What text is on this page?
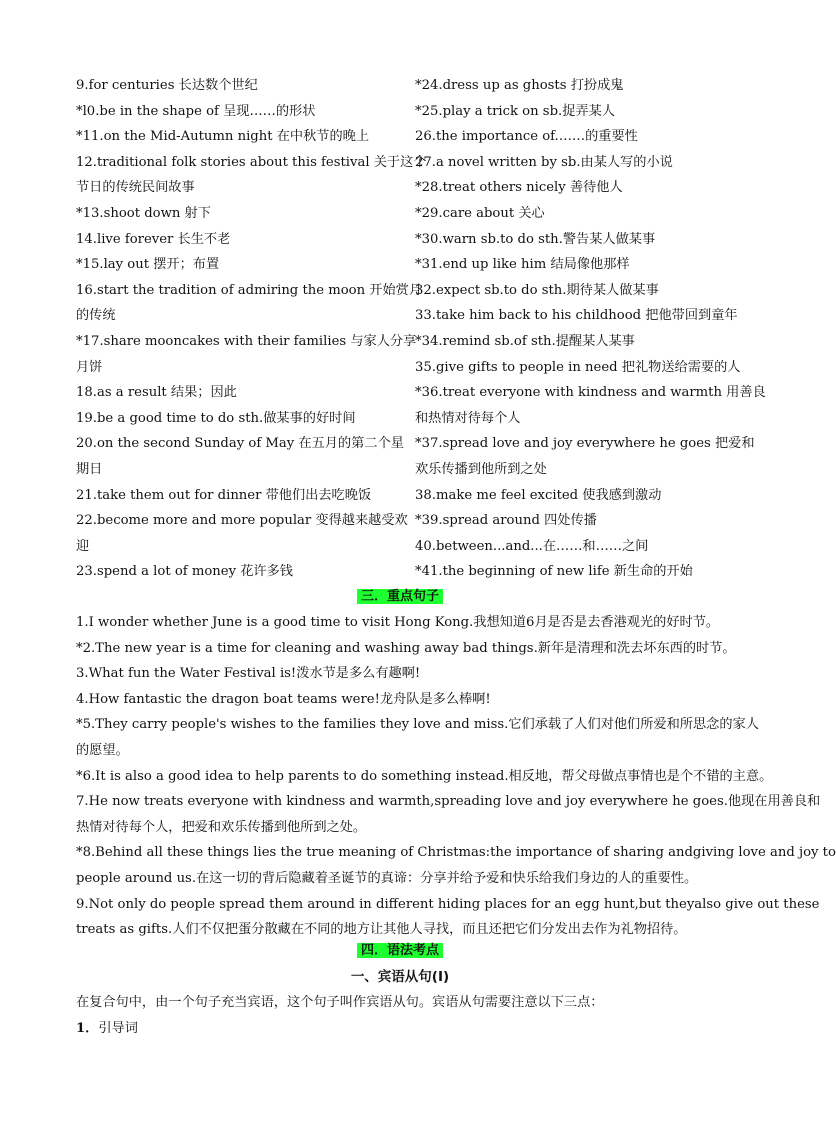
9.for centuries 长达数个世纪
*l0.be in the shape of 呈现……的形状
*11.on the Mid-Autumn night 在中秋节的晚上
12.traditional folk stories about this festival 关于这个
节日的传统民间故事
*13.shoot down 射下
14.live forever 长生不老
*15.lay out 摆开；布置
16.start the tradition of admiring the moon 开始赏月
的传统
*17.share mooncakes with their families 与家人分享
月饼
18.as a result 结果；因此
19.be a good time to do sth.做某事的好时间
20.on the second Sunday of May 在五月的第二个星
期日
21.take them out for dinner 带他们出去吃晚饭
22.become more and more popular 变得越来越受欢
迎
23.spend a lot of money 花许多钱
*24.dress up as ghosts 打扮成鬼
*25.play a trick on sb.捉弄某人
26.the importance of.……的重要性
27.a novel written by sb.由某人写的小说
*28.treat others nicely 善待他人
*29.care about 关心
*30.warn sb.to do sth.警告某人做某事
*31.end up like him 结局像他那样
32.expect sb.to do sth.期待某人做某事
33.take him back to his childhood 把他带回到童年
*34.remind sb.of sth.提醒某人某事
35.give gifts to people in need 把礼物送给需要的人
*36.treat everyone with kindness and warmth 用善良
和热情对待每个人
*37.spread love and joy everywhere he goes 把爱和
欢乐传播到他所到之处
38.make me feel excited 使我感到激动
*39.spread around 四处传播
40.between...and...在……和……之间
*41.the beginning of new life 新生命的开始
三．重点句子
1.I wonder whether June is a good time to visit Hong Kong.我想知道6月是否是去香港观光的好时节。
*2.The new year is a time for cleaning and washing away bad things.新年是清理和洗去坏东西的时节。
3.What fun the Water Festival is!泼水节是多么有趣啊!
4.How fantastic the dragon boat teams were!龙舟队是多么棒啊!
*5.They carry people's wishes to the families they love and miss.它们承载了人们对他们所爱和所思念的家人
的愿望。
*6.It is also a good idea to help parents to do something instead.相反地，帮父母做点事情也是个不错的主意。
7.He now treats everyone with kindness and warmth,spreading love and joy everywhere he goes.他现在用善良和
热情对待每个人，把爱和欢乐传播到他所到之处。
*8.Behind all these things lies the true meaning of Christmas:the importance of sharing andgiving love and joy to
people around us.在这一切的背后隐藏着圣诞节的真谛：分享并给予爱和快乐给我们身边的人的重要性。
9.Not only do people spread them around in different hiding places for an egg hunt,but theyalso give out these
treats as gifts.人们不仅把蛋分散藏在不同的地方让其他人寻找，而且还把它们分发出去作为礼物招待。
四．语法考点
一、宾语从句(I)
在复合句中，由一个句子充当宾语，这个句子叫作宾语从句。宾语从句需要注意以下三点：
1．引导词
